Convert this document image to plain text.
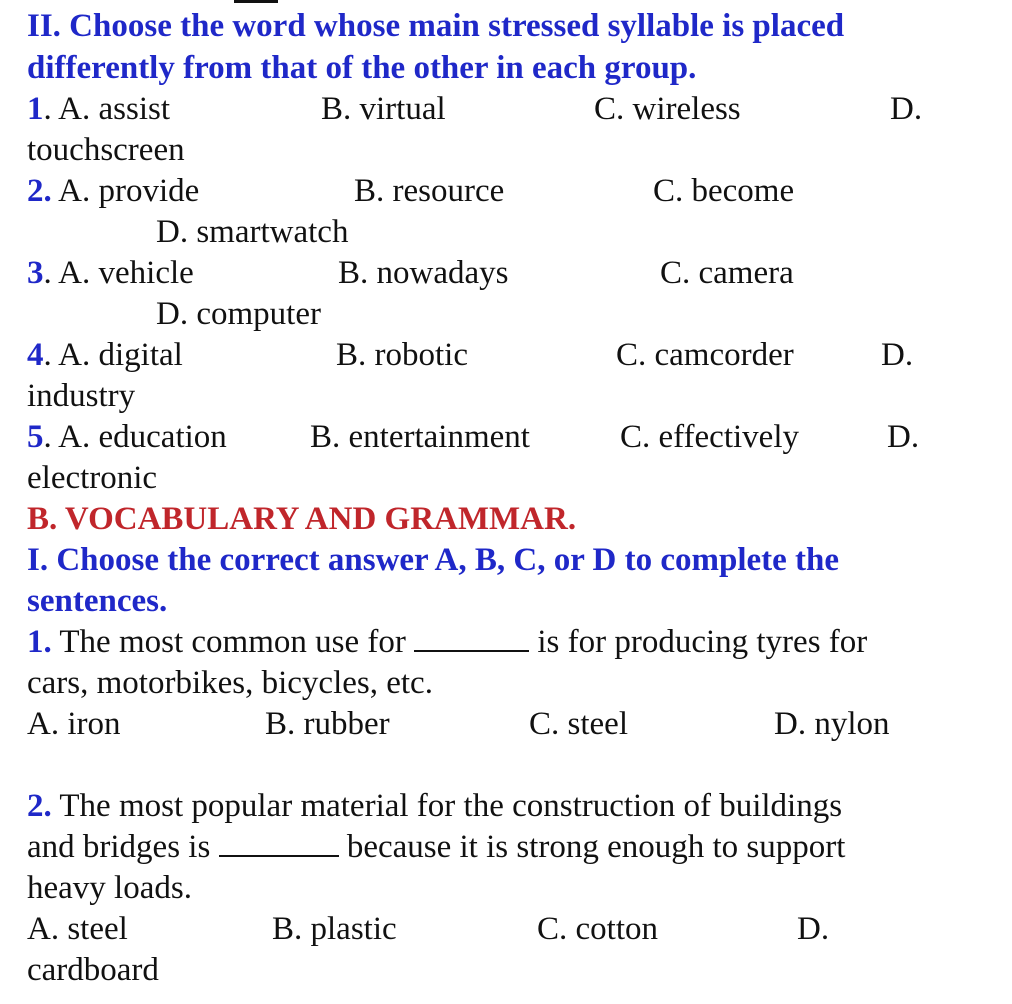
II. Choose the word whose main stressed syllable is placed
differently from that of the other in each group.
1. A. assist	B. virtual	C. wireless	D.
touchscreen
2. A. provide	B. resource	C. become
D. smartwatch
3. A. vehicle	B. nowadays	C. camera
D. computer
4. A. digital	B. robotic	C. camcorder	D.
industry
5. A. education	B. entertainment	C. effectively	D.
electronic
B. VOCABULARY AND GRAMMAR.
I. Choose the correct answer A, B, C, or D to complete the
sentences.
1. The most common use for	is for producing tyres for
cars, motorbikes, bicycles, etc.
A. iron	B. rubber	C. steel	D. nylon
2. The most popular material for the construction of buildings
and bridges is	because it is strong enough to support
heavy loads.
A. steel	B. plastic	C. cotton	D.
cardboard
